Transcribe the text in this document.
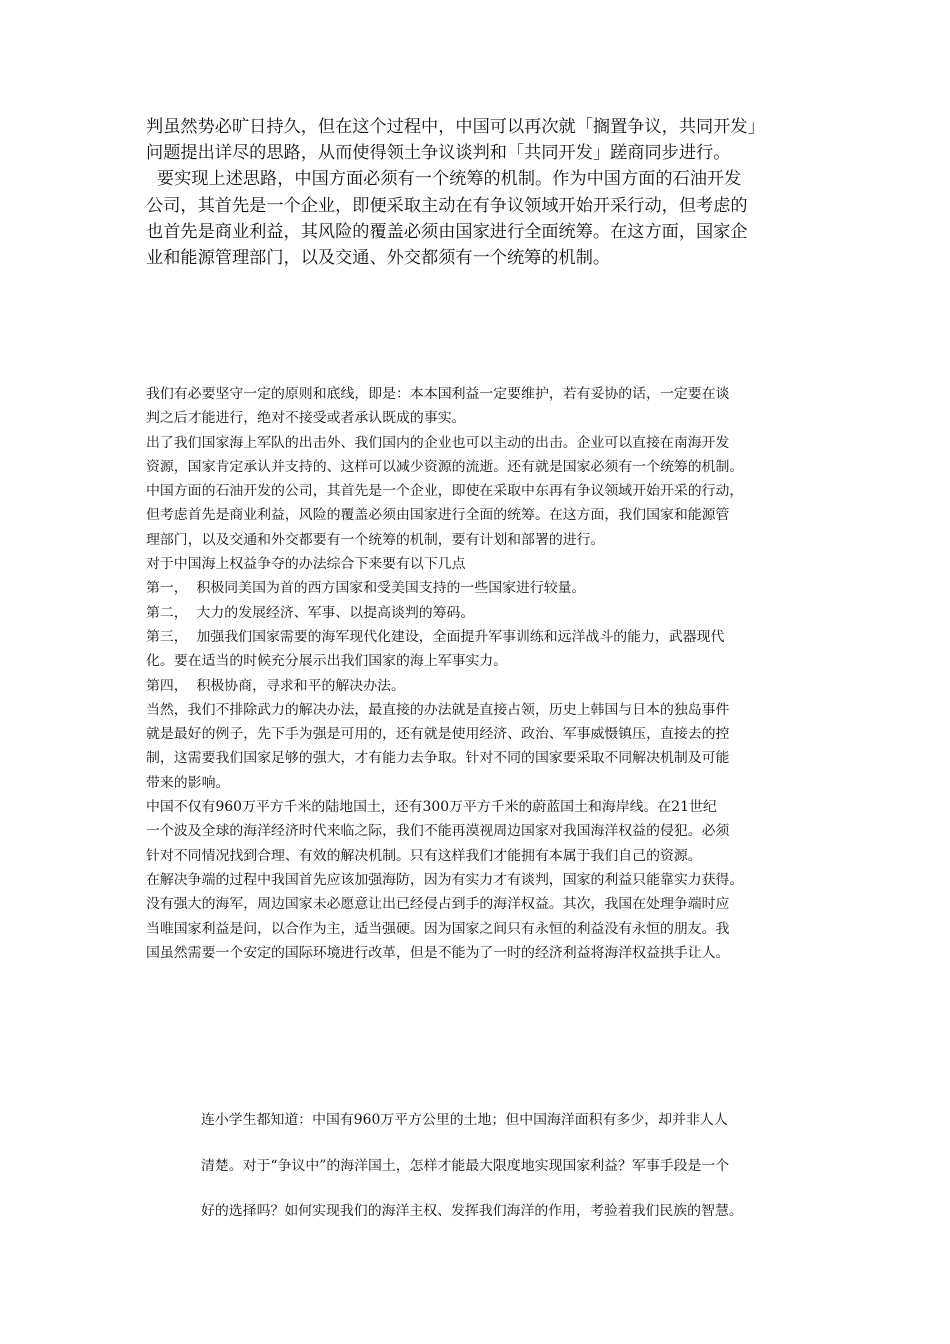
判虽然势必旷日持久，但在这个过程中，中国可以再次就「搁置争议，共同开发」

问题提出详尽的思路，从而使得领土争议谈判和「共同开发」蹉商同步进行。

要实现上述思路，中国方面必须有一个统筹的机制。作为中国方面的石油开发

公司，其首先是一个企业，即便采取主动在有争议领域开始开采行动，但考虑的

也首先是商业利益，其风险的覆盖必须由国家进行全面统筹。在这方面，国家企

业和能源管理部门，以及交通、外交都须有一个统筹的机制。

我们有必要坚守一定的原则和底线，即是：本本国利益一定要维护，若有妥协的话，一定要在谈

判之后才能进行，绝对不接受或者承认既成的事实。

出了我们国家海上军队的出击外、我们国内的企业也可以主动的出击。企业可以直接在南海开发

资源，国家肯定承认并支持的、这样可以减少资源的流逝。还有就是国家必须有一个统筹的机制。

中国方面的石油开发的公司，其首先是一个企业，即使在采取中东再有争议领域开始开采的行动，

但考虑首先是商业利益，风险的覆盖必须由国家进行全面的统筹。在这方面，我们国家和能源管

理部门，以及交通和外交都要有一个统筹的机制，要有计划和部署的进行。

对于中国海上权益争夺的办法综合下来要有以下几点

第一，  积极同美国为首的西方国家和受美国支持的一些国家进行较量。

第二，  大力的发展经济、军事、以提高谈判的筹码。

第三，  加强我们国家需要的海军现代化建设，全面提升军事训练和远洋战斗的能力，武器现代

化。要在适当的时候充分展示出我们国家的海上军事实力。

第四，  积极协商，寻求和平的解决办法。

当然，我们不排除武力的解决办法，最直接的办法就是直接占领，历史上韩国与日本的独岛事件

就是最好的例子，先下手为强是可用的，还有就是使用经济、政治、军事威慑镇压，直接去的控

制，这需要我们国家足够的强大，才有能力去争取。针对不同的国家要采取不同解决机制及可能

带来的影响。

中国不仅有960万平方千米的陆地国土，还有300万平方千米的蔚蓝国土和海岸线。在21世纪

一个波及全球的海洋经济时代来临之际，我们不能再漠视周边国家对我国海洋权益的侵犯。必须

针对不同情况找到合理、有效的解决机制。只有这样我们才能拥有本属于我们自己的资源。

在解决争端的过程中我国首先应该加强海防，因为有实力才有谈判，国家的利益只能靠实力获得。

没有强大的海军，周边国家未必愿意让出已经侵占到手的海洋权益。其次，我国在处理争端时应

当唯国家利益是问，以合作为主，适当强硬。因为国家之间只有永恒的利益没有永恒的朋友。我

国虽然需要一个安定的国际环境进行改革，但是不能为了一时的经济利益将海洋权益拱手让人。

连小学生都知道：中国有960万平方公里的土地；但中国海洋面积有多少，却并非人人

清楚。对于“争议中”的海洋国土，怎样才能最大限度地实现国家利益？军事手段是一个

好的选择吗？如何实现我们的海洋主权、发挥我们海洋的作用，考验着我们民族的智慧。
